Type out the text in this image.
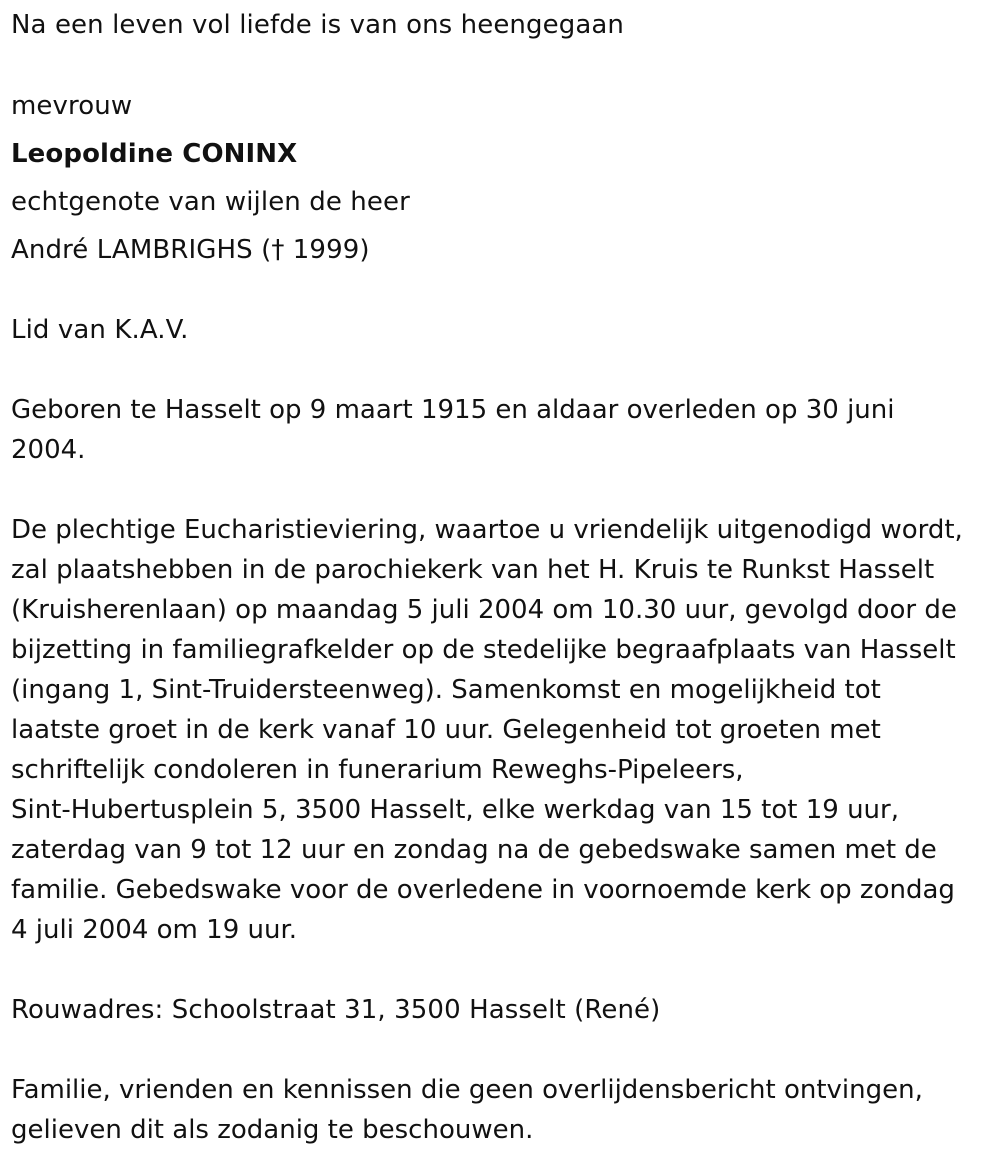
Na een leven vol liefde is van ons heengegaan
mevrouw
Leopoldine CONINX
echtgenote van wijlen de heer
André LAMBRIGHS († 1999)
Lid van K.A.V.
Geboren te Hasselt op 9 maart 1915 en aldaar overleden op 30 juni
2004.
De plechtige Eucharistieviering, waartoe u vriendelijk uitgenodigd wordt,
zal plaatshebben in de parochiekerk van het H. Kruis te Runkst Hasselt
(Kruisherenlaan) op maandag 5 juli 2004 om 10.30 uur, gevolgd door de
bijzetting in familiegrafkelder op de stedelijke begraafplaats van Hasselt
(ingang 1, Sint-Truidersteenweg). Samenkomst en mogelijkheid tot
laatste groet in de kerk vanaf 10 uur. Gelegenheid tot groeten met
schriftelijk condoleren in funerarium Reweghs-Pipeleers,
Sint-Hubertusplein 5, 3500 Hasselt, elke werkdag van 15 tot 19 uur,
zaterdag van 9 tot 12 uur en zondag na de gebedswake samen met de
familie. Gebedswake voor de overledene in voornoemde kerk op zondag
4 juli 2004 om 19 uur.
Rouwadres: Schoolstraat 31, 3500 Hasselt (René)
Familie, vrienden en kennissen die geen overlijdensbericht ontvingen,
gelieven dit als zodanig te beschouwen.
